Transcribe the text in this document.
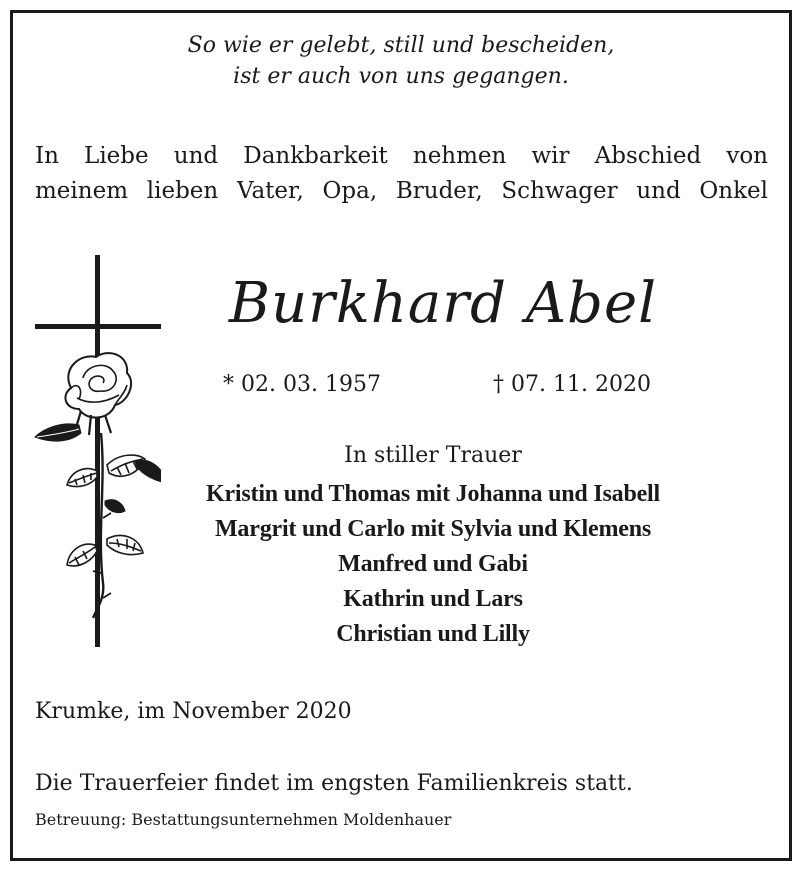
So wie er gelebt, still und bescheiden,

ist er auch von uns gegangen.

In Liebe und Dankbarkeit nehmen wir Abschied von

meinem lieben Vater, Opa, Bruder, Schwager und Onkel

Burkhard Abel

* 02. 03. 1957	† 07. 11. 2020

In stiller Trauer

Kristin und Thomas mit Johanna und Isabell
Margrit und Carlo mit Sylvia und Klemens
Manfred und Gabi
Kathrin und Lars
Christian und Lilly

Krumke, im November 2020

Die Trauerfeier findet im engsten Familienkreis statt.

Betreuung: Bestattungsunternehmen Moldenhauer
